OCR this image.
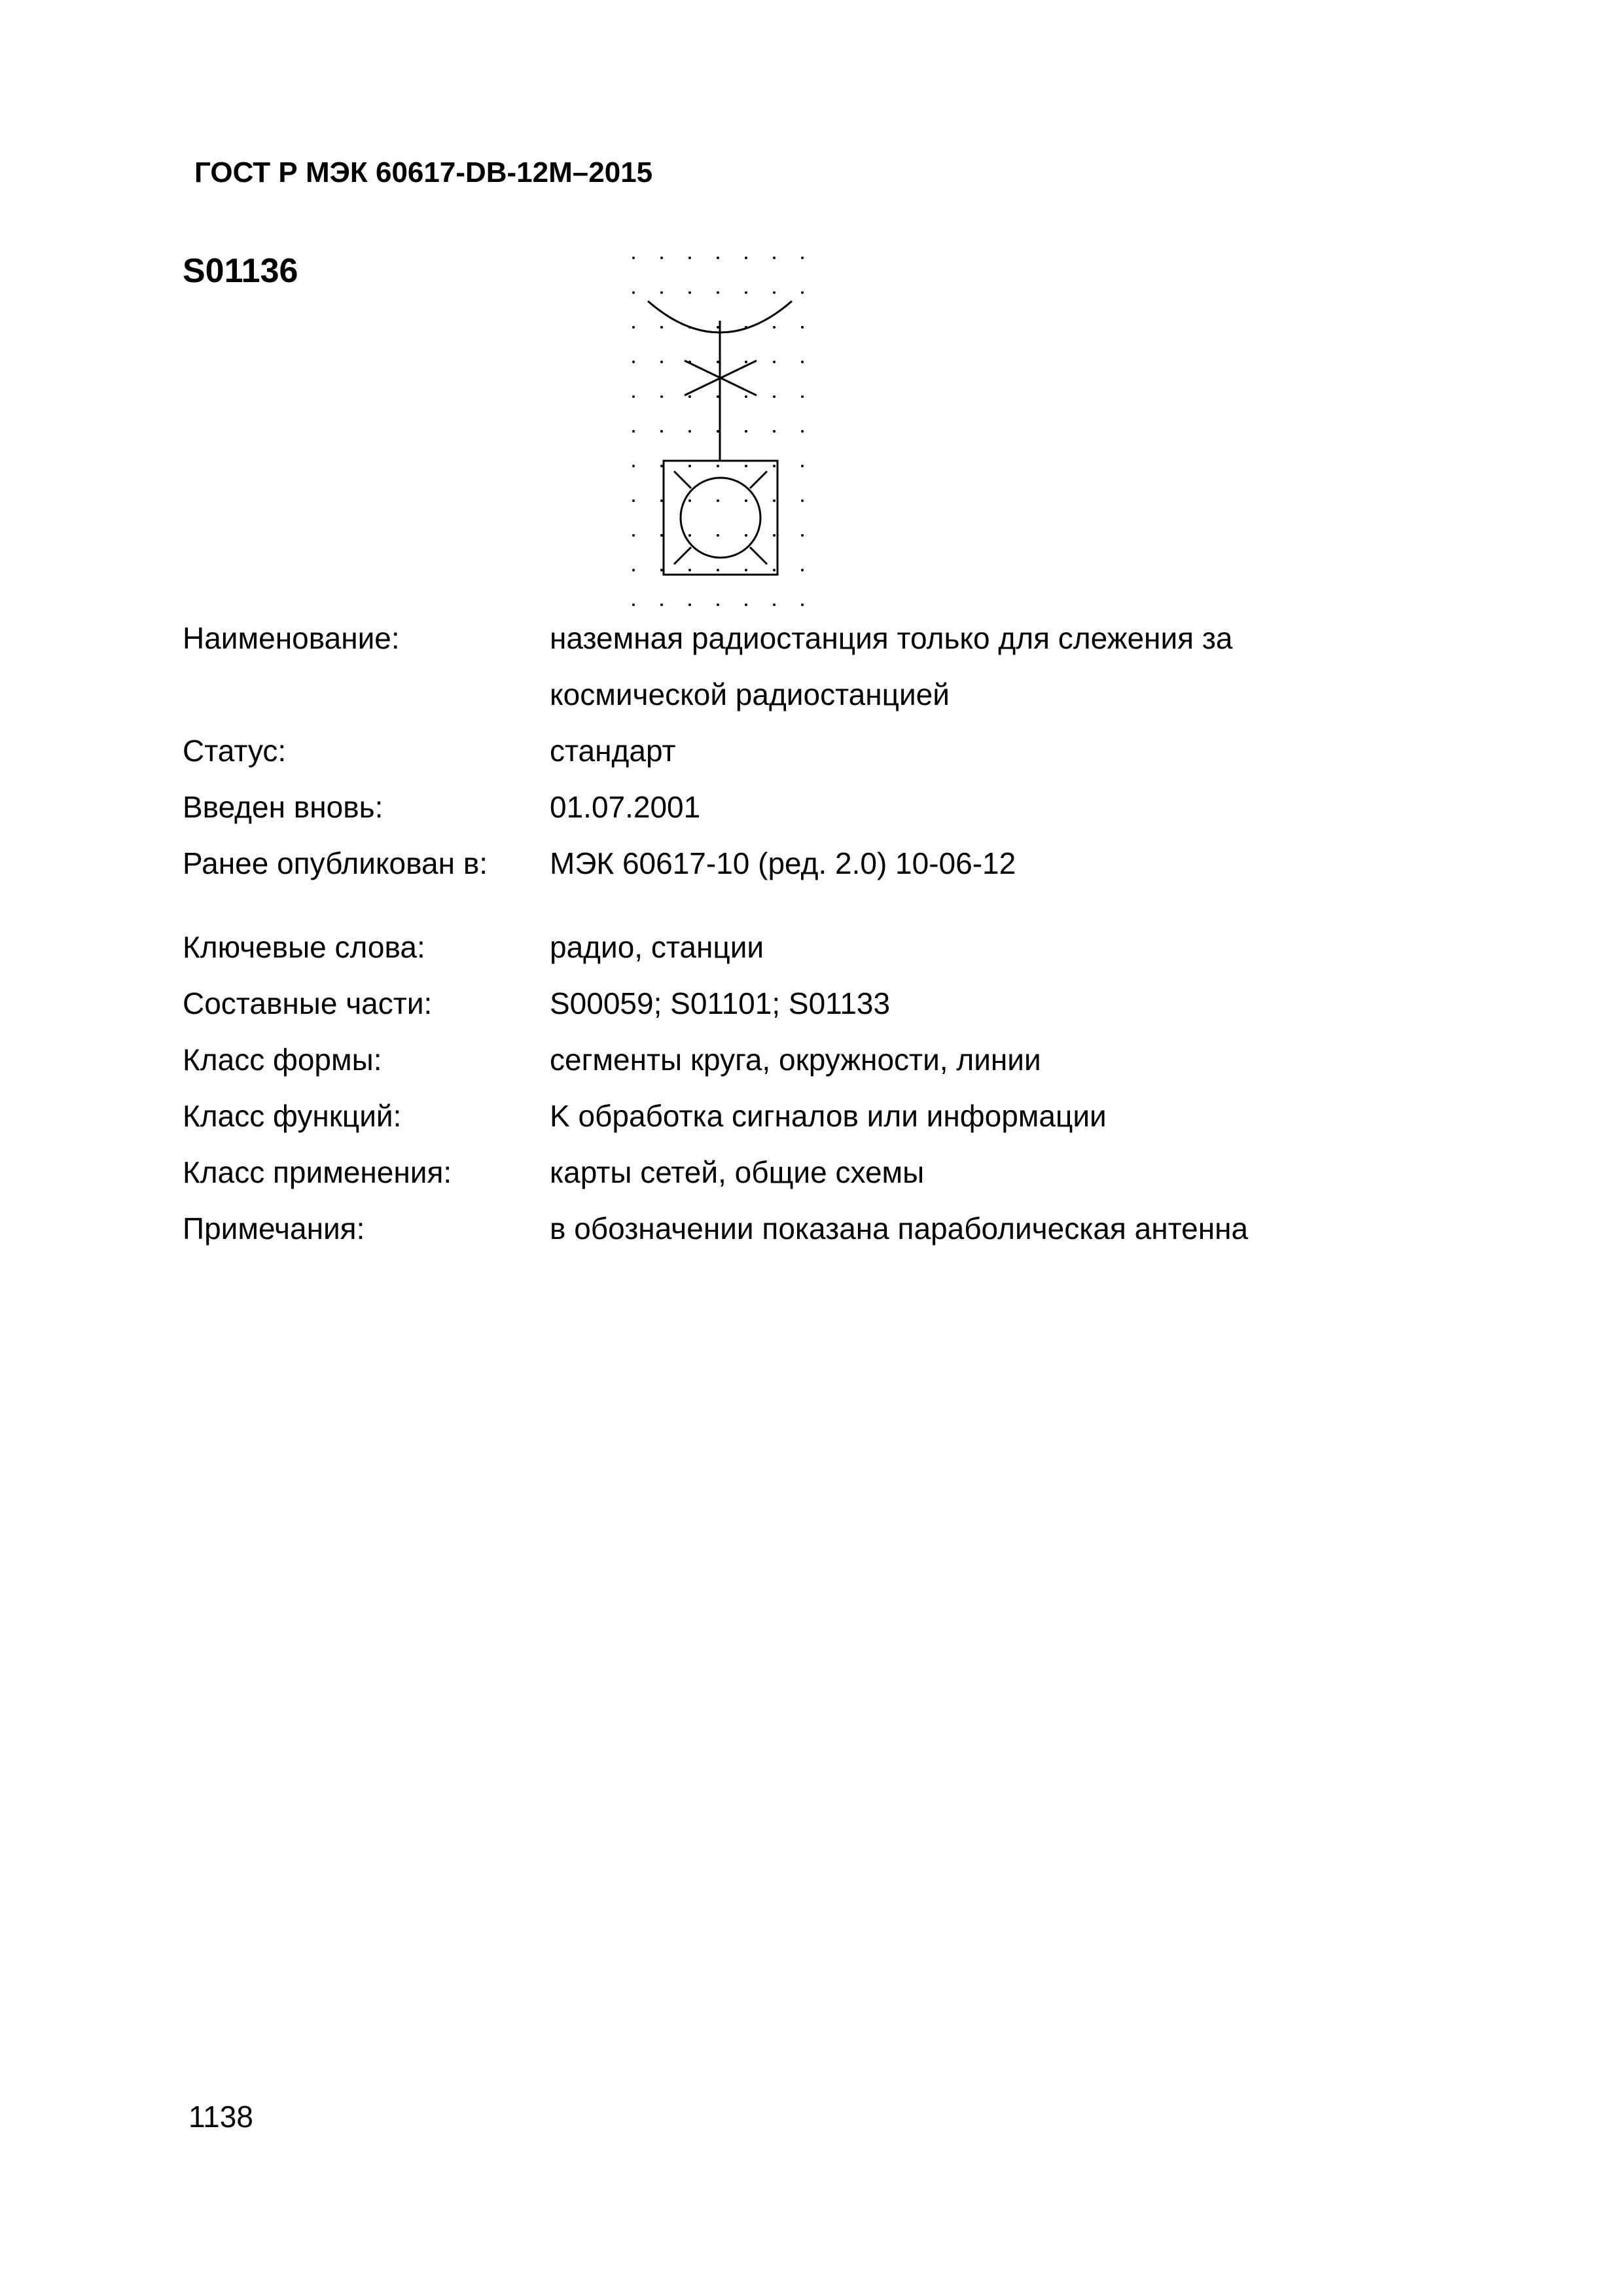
ГОСТ Р МЭК 60617-DB-12M–2015
S01136
Наименование:	наземная радиостанция только для слежения за
космической радиостанцией
Статус:	стандарт
Введен вновь:	01.07.2001
Ранее опубликован в: МЭК 60617-10 (ред. 2.0) 10-06-12
Ключевые слова:	радио, станции
Составные части:	S00059; S01101; S01133
Класс формы:	сегменты круга, окружности, линии
Класс функций:	K обработка сигналов или информации
Класс применения:	карты сетей, общие схемы
Примечания:	в обозначении показана параболическая антенна
1138
